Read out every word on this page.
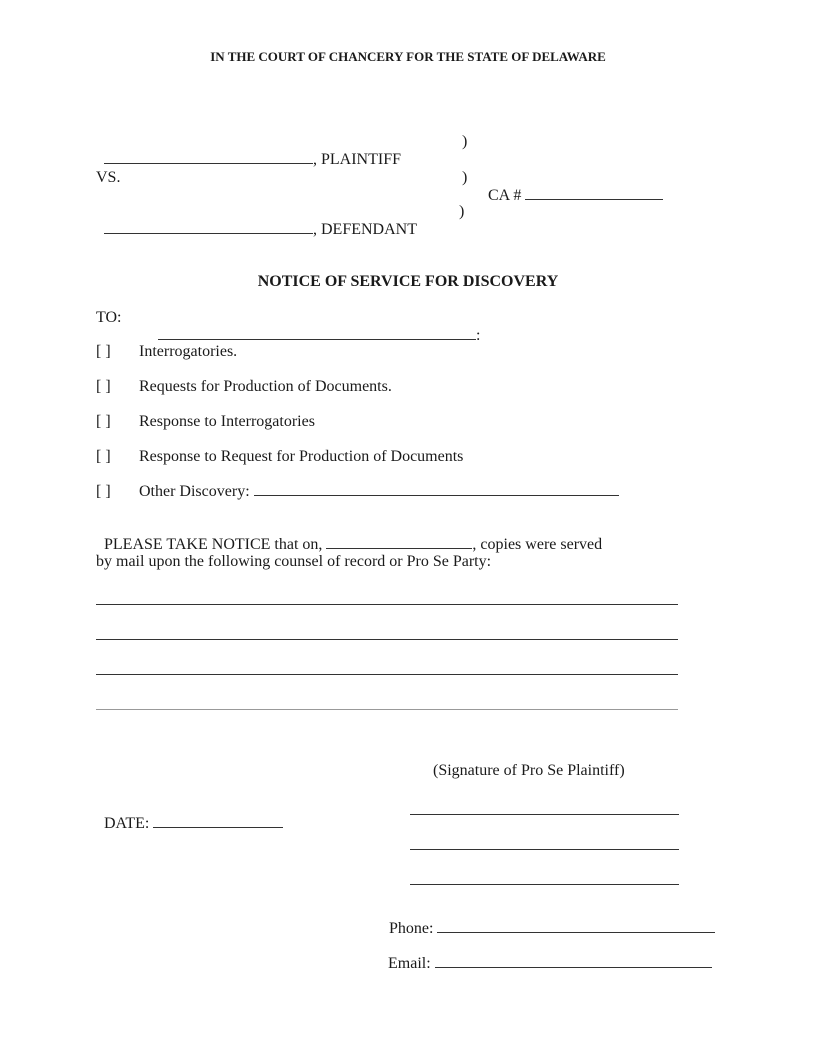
IN THE COURT OF CHANCERY FOR THE STATE OF DELAWARE

, PLAINTIFF

)
VS.	)

CA #

, DEFENDANT

)
NOTICE OF SERVICE FOR DISCOVERY
TO:

:

[ ] Interrogatories.
[ ] Requests for Production of Documents.
[ ] Response to Interrogatories
[ ] Response to Request for Production of Documents
[ ] Other Discovery:

PLEASE TAKE NOTICE that on,	, copies were served

by mail upon the following counsel of record or Pro Se Party:
(Signature of Pro Se Plaintiff)

DATE:

Phone:

Email:
